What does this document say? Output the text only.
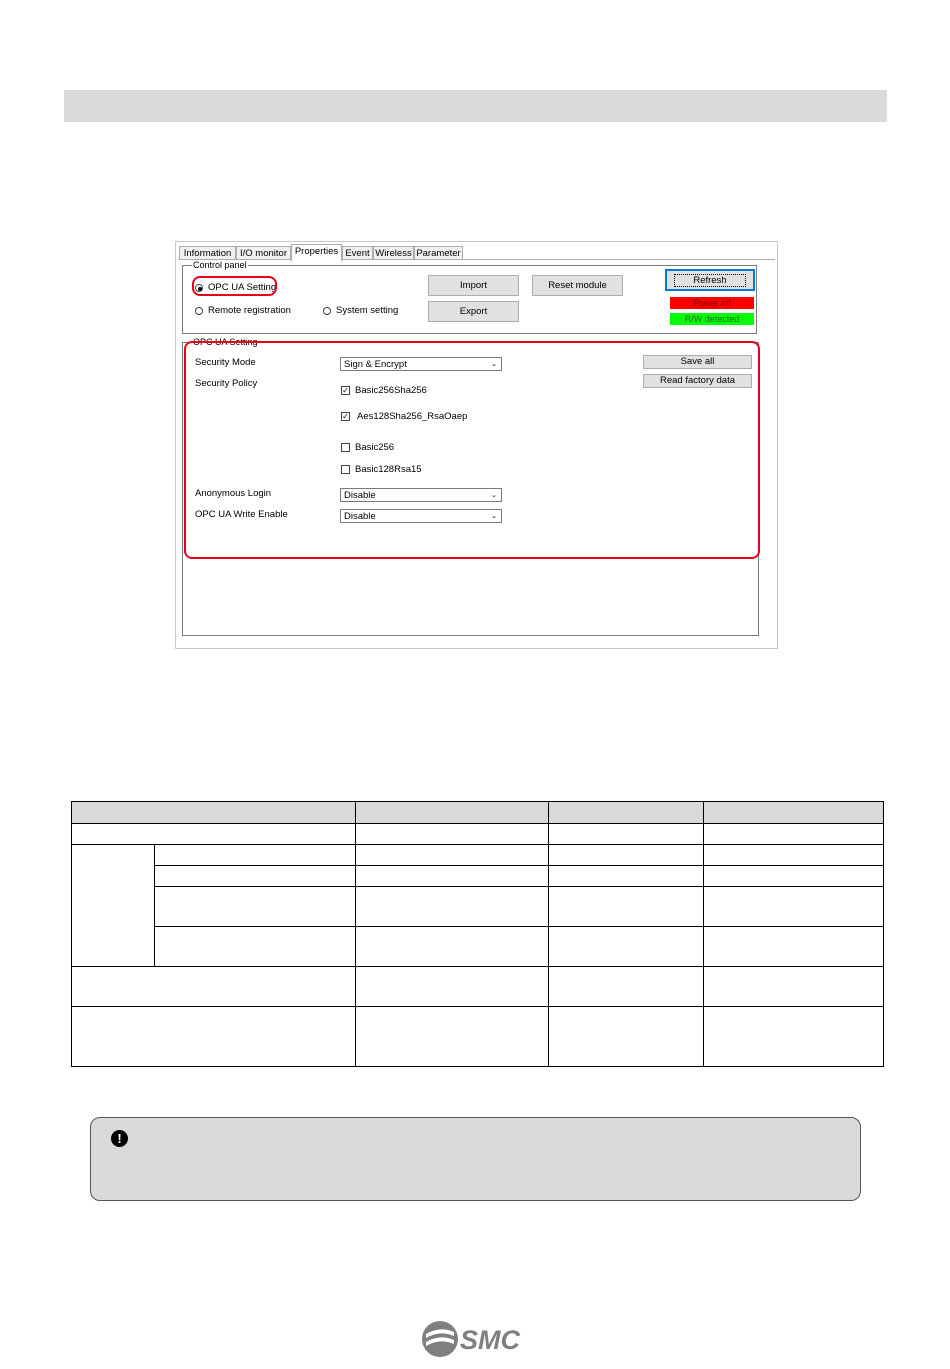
Information I/O monitor Properties Event Wireless Parameter
Control panel
OPC UA Setting
Remote registration	System setting
Import
Export
Reset module	Refresh
Power off
R/W detected
OPC UA Setting
Security Mode	Sign & Encrypt	⌄
Security Policy
✓ Basic256Sha256
✓ Aes128Sha256_RsaOaep
Basic256
Basic128Rsa15
Anonymous Login	Disable	⌄
OPC UA Write Enable	Disable	⌄
Save all
Read factory data

!
SMC
